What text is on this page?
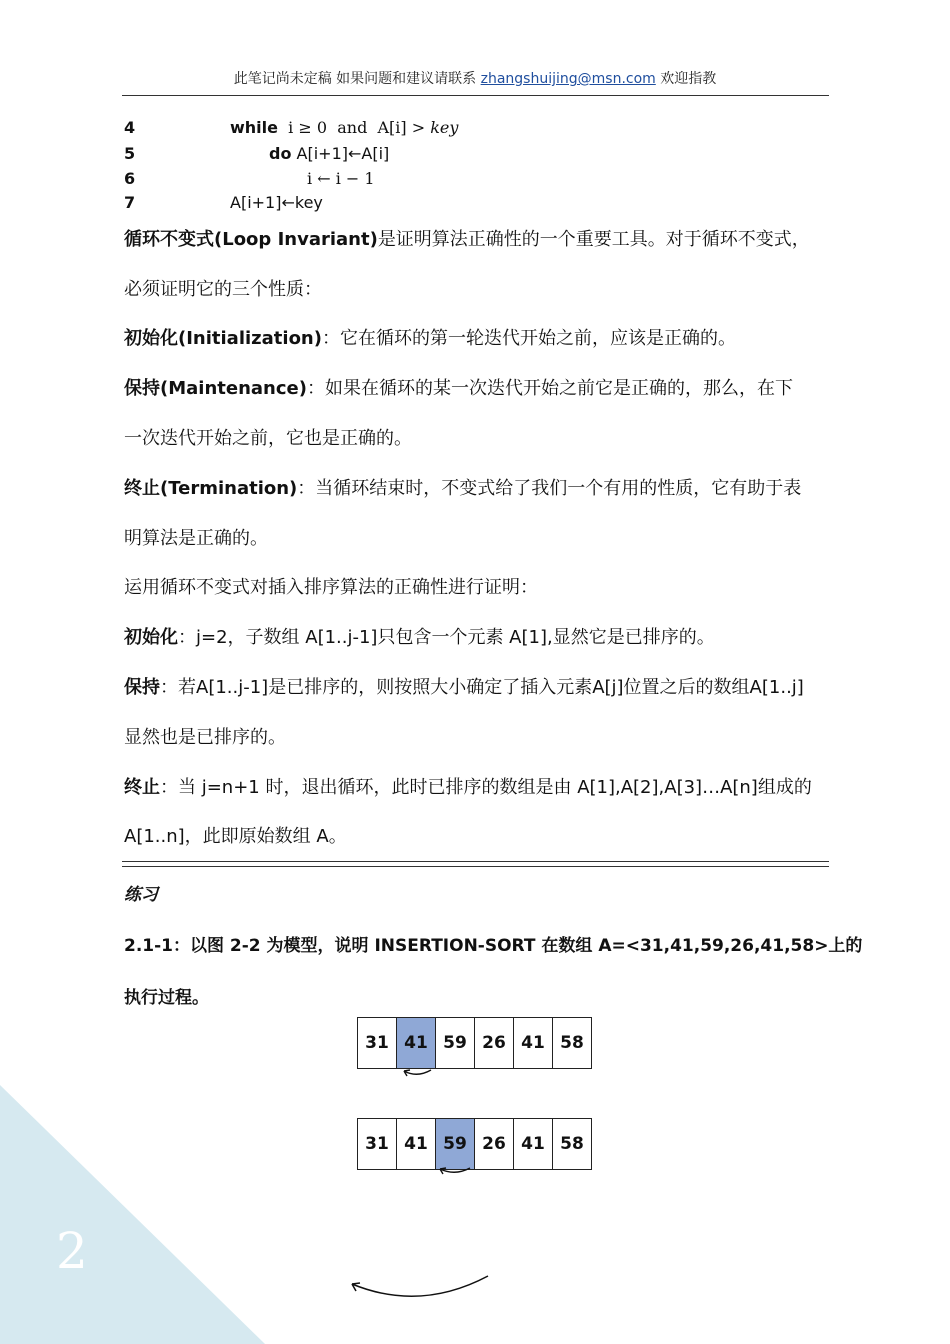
2
此笔记尚未定稿 如果问题和建议请联系 zhangshuijing@msn.com 欢迎指教
4	while i ≥ 0 and A[i] > key
5	do A[i+1]←A[i]
6	i ← i − 1
7	A[i+1]←key
循环不变式(Loop Invariant)是证明算法正确性的一个重要工具。对于循环不变式，
必须证明它的三个性质：
初始化(Initialization)：它在循环的第一轮迭代开始之前，应该是正确的。
保持(Maintenance)：如果在循环的某一次迭代开始之前它是正确的，那么，在下
一次迭代开始之前，它也是正确的。
终止(Termination)：当循环结束时，不变式给了我们一个有用的性质，它有助于表
明算法是正确的。
运用循环不变式对插入排序算法的正确性进行证明：
初始化：j=2，子数组 A[1..j-1]只包含一个元素 A[1],显然它是已排序的。
保持：若A[1..j-1]是已排序的，则按照大小确定了插入元素A[j]位置之后的数组A[1..j]
显然也是已排序的。
终止：当 j=n+1 时，退出循环，此时已排序的数组是由 A[1],A[2],A[3]…A[n]组成的
A[1..n]，此即原始数组 A。
练习
2.1-1：以图 2-2 为模型，说明 INSERTION-SORT 在数组 A=<31,41,59,26,41,58>上的
执行过程。
31 41 59 26 41 58
31 41 59 26 41 58
